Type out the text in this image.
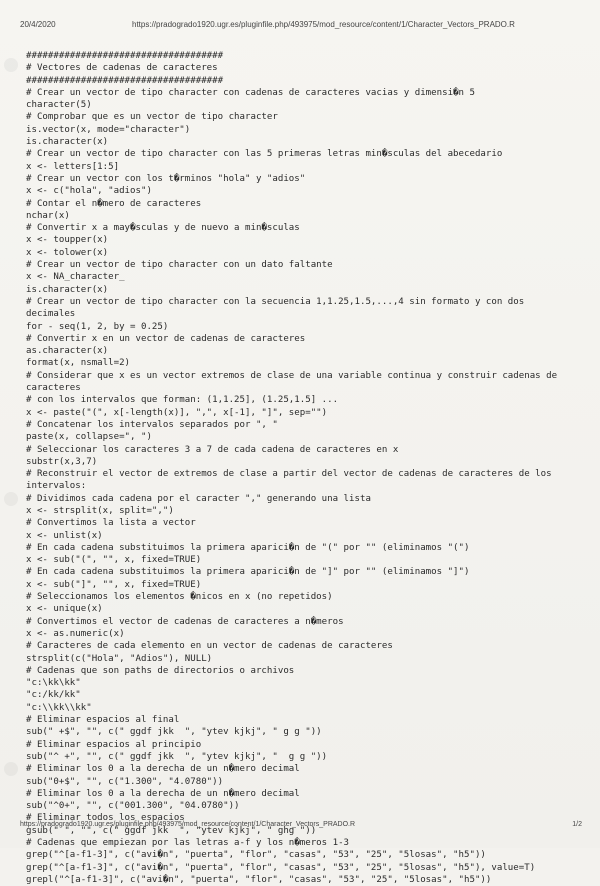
20/4/2020	https://pradogrado1920.ugr.es/pluginfile.php/493975/mod_resource/content/1/Character_Vectors_PRADO.R
####################################
# Vectores de cadenas de caracteres
####################################
# Crear un vector de tipo character con cadenas de caracteres vacias y dimensi�n 5
character(5)
# Comprobar que es un vector de tipo character
is.vector(x, mode="character")
is.character(x)
# Crear un vector de tipo character con las 5 primeras letras min�sculas del abecedario
x <- letters[1:5]
# Crear un vector con los t�rminos "hola" y "adios"
x <- c("hola", "adios")
# Contar el n�mero de caracteres
nchar(x)
# Convertir x a may�sculas y de nuevo a min�sculas
x <- toupper(x)
x <- tolower(x)
# Crear un vector de tipo character con un dato faltante
x <- NA_character_
is.character(x)
# Crear un vector de tipo character con la secuencia 1,1.25,1.5,...,4 sin formato y con dos
decimales
for - seq(1, 2, by = 0.25)
# Convertir x en un vector de cadenas de caracteres
as.character(x)
format(x, nsmall=2)
# Considerar que x es un vector extremos de clase de una variable continua y construir cadenas de
caracteres
# con los intervalos que forman: (1,1.25], (1.25,1.5] ...
x <- paste("(", x[-length(x)], ",", x[-1], "]", sep="")
# Concatenar los intervalos separados por ", "
paste(x, collapse=", ")
# Seleccionar los caracteres 3 a 7 de cada cadena de caracteres en x
substr(x,3,7)
# Reconstruir el vector de extremos de clase a partir del vector de cadenas de caracteres de los
intervalos:
# Dividimos cada cadena por el caracter "," generando una lista
x <- strsplit(x, split=",")
# Convertimos la lista a vector
x <- unlist(x)
# En cada cadena substituimos la primera aparici�n de "(" por "" (eliminamos "(")
x <- sub("(", "", x, fixed=TRUE)
# En cada cadena substituimos la primera aparici�n de "]" por "" (eliminamos "]")
x <- sub("]", "", x, fixed=TRUE)
# Seleccionamos los elementos �nicos en x (no repetidos)
x <- unique(x)
# Convertimos el vector de cadenas de caracteres a n�meros
x <- as.numeric(x)
# Caracteres de cada elemento en un vector de cadenas de caracteres
strsplit(c("Hola", "Adios"), NULL)
# Cadenas que son paths de directorios o archivos
"c:\kk\kk"
"c:/kk/kk"
"c:\\kk\\kk"
# Eliminar espacios al final
sub(" +$", "", c(" ggdf jkk  ", "ytev kjkj", " g g "))
# Eliminar espacios al principio
sub("^ +", "", c(" ggdf jkk  ", "ytev kjkj", "  g g "))
# Eliminar los 0 a la derecha de un n�mero decimal
sub("0+$", "", c("1.300", "4.0780"))
# Eliminar los 0 a la derecha de un n�mero decimal
sub("^0+", "", c("001.300", "04.0780"))
# Eliminar todos los espacios
gsub(" ", "", c(" ggdf jkk  ", "ytev kjkj", " ghg "))
# Cadenas que empiezan por las letras a-f y los n�meros 1-3
grep("^[a-f1-3]", c("avi�n", "puerta", "flor", "casas", "53", "25", "5losas", "h5"))
grep("^[a-f1-3]", c("avi�n", "puerta", "flor", "casas", "53", "25", "5losas", "h5"), value=T)
grepl("^[a-f1-3]", c("avi�n", "puerta", "flor", "casas", "53", "25", "5losas", "h5"))
https://pradogrado1920.ugr.es/pluginfile.php/493975/mod_resource/content/1/Character_Vectors_PRADO.R	1/2
